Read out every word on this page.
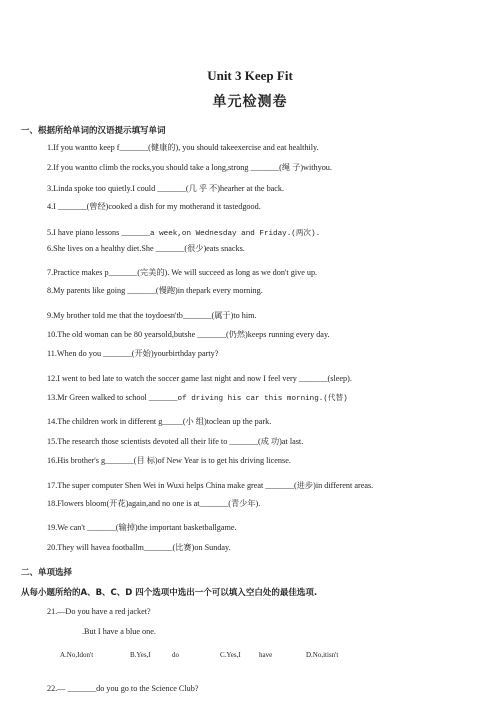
Unit 3 Keep Fit
单元检测卷
一、根据所给单词的汉语提示填写单词
1.If you wantto keep f_______(健康的), you should takeexercise and eat healthily.
2.If you wantto climb the rocks,you should take a long,strong _______(绳 子)withyou.
3.Linda spoke too quietly.I could _______(几 乎 不)hearher at the back.
4.I _______(曾经)cooked a dish for my motherand it tastedgood.
5.I have piano lessons _______a week,on Wednesday and Friday.(两次).
6.She lives on a healthy diet.She _______(很少)eats snacks.
7.Practice makes p_______(完美的). We will succeed as long as we don't give up.
8.My parents like going _______(慢跑)in thepark every morning.
9.My brother told me that the toydoesn'tb_______(属于)to him.
10.The old woman can be 80 yearsold,butshe _______(仍然)keeps running every day.
11.When do you _______(开始)yourbirthday party?
12.I went to bed late to watch the soccer game last night and now I feel very _______(sleep).
13.Mr Green walked to school _______of driving his car this morning.(代替)
14.The children work in different g_____(小 组)toclean up the park.
15.The research those scientists devoted all their life to _______(成 功)at last.
16.His brother's g_______(目 标)of New Year is to get his driving license.
17.The super computer Shen Wei in Wuxi helps China make great _______(进步)in different areas.
18.Flowers bloom(开花)again,and no one is at_______(青少年).
19.We can't _______(输掉)the important basketballgame.
20.They will havea footballm_______(比赛)on Sunday.
二、单项选择
从每小题所给的A、B、C、D 四个选项中选出一个可以填入空白处的最佳选项.
21.—Do you have a red jacket?
.But I have a blue one.
A.No,Idon't	B.Yes,I	do	C.Yes,I	have	D.No,itisn't
22.— _______do you go to the Science Club?
